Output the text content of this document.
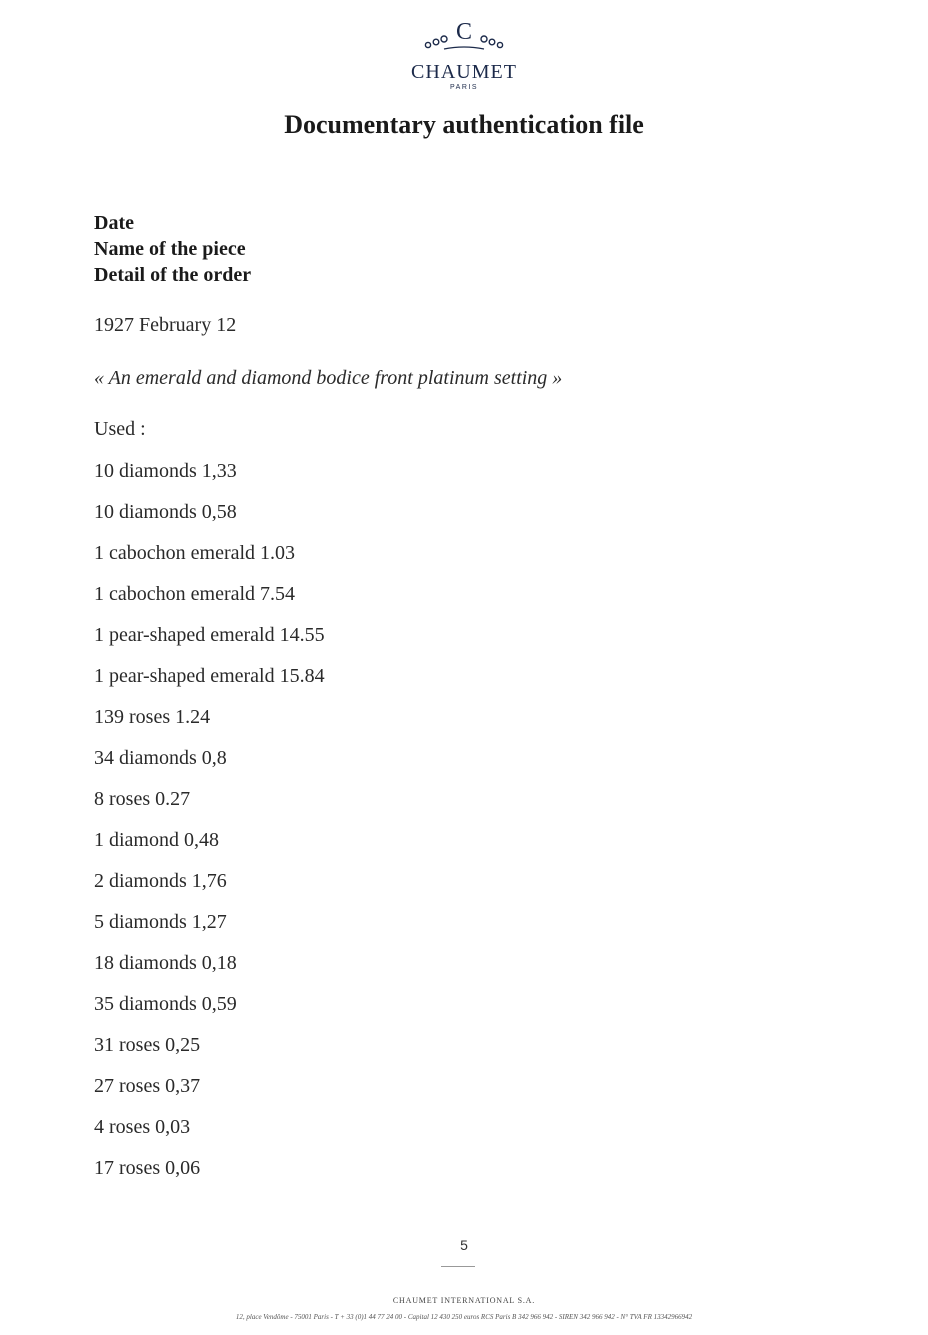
C
CHAUMET
PARIS
Documentary authentication file
Date
Name of the piece
Detail of the order
1927 February 12
« An emerald and diamond bodice front platinum setting »
Used :
10 diamonds 1,33
10 diamonds 0,58
1 cabochon emerald 1.03
1 cabochon emerald 7.54
1 pear-shaped emerald 14.55
1 pear-shaped emerald 15.84
139 roses 1.24
34 diamonds 0,8
8 roses 0.27
1 diamond 0,48
2 diamonds 1,76
5 diamonds 1,27
18 diamonds 0,18
35 diamonds 0,59
31 roses 0,25
27 roses 0,37
4 roses 0,03
17 roses 0,06
5
CHAUMET INTERNATIONAL S.A.
12, place Vendôme - 75001 Paris - T + 33 (0)1 44 77 24 00 - Capital 12 430 250 euros RCS Paris B 342 966 942 - SIREN 342 966 942 - N° TVA FR 13342966942
